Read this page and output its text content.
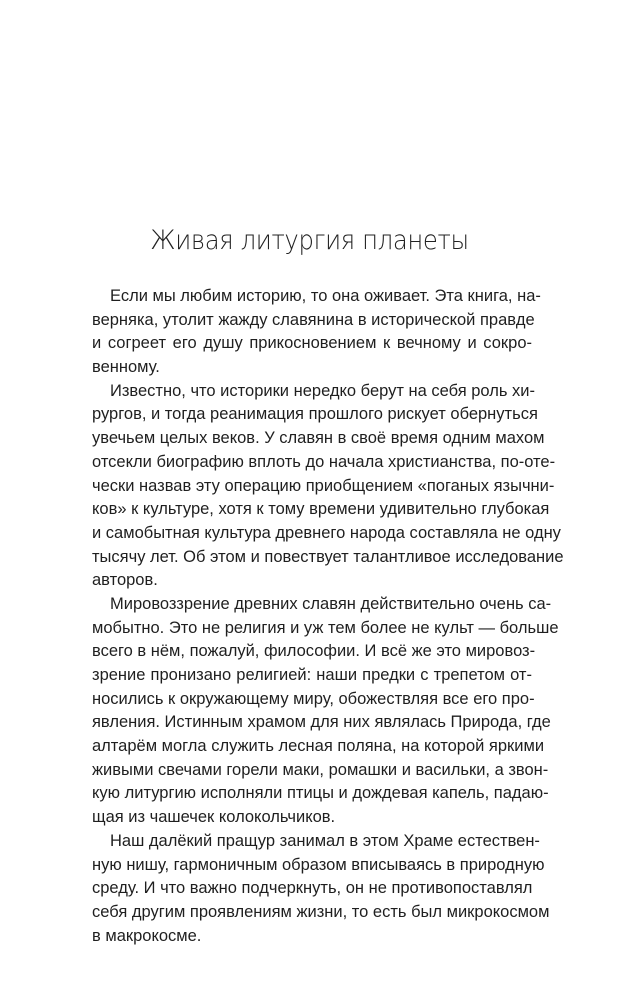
Живая литургия планеты
Если мы любим историю, то она оживает. Эта книга, на-
верняка, утолит жажду славянина в исторической правде
и согреет его душу прикосновением к вечному и сокро-
венному.
Известно, что историки нередко берут на себя роль хи-
рургов, и тогда реанимация прошлого рискует обернуться
увечьем целых веков. У славян в своё время одним махом
отсекли биографию вплоть до начала христианства, по-оте-
чески назвав эту операцию приобщением «поганых язычни-
ков» к культуре, хотя к тому времени удивительно глубокая
и самобытная культура древнего народа составляла не одну
тысячу лет. Об этом и повествует талантливое исследование
авторов.
Мировоззрение древних славян действительно очень са-
мобытно. Это не религия и уж тем более не культ — больше
всего в нём, пожалуй, философии. И всё же это мировоз-
зрение пронизано религией: наши предки с трепетом от-
носились к окружающему миру, обожествляя все его про-
явления. Истинным храмом для них являлась Природа, где
алтарём могла служить лесная поляна, на которой яркими
живыми свечами горели маки, ромашки и васильки, а звон-
кую литургию исполняли птицы и дождевая капель, падаю-
щая из чашечек колокольчиков.
Наш далёкий пращур занимал в этом Храме естествен-
ную нишу, гармоничным образом вписываясь в природную
среду. И что важно подчеркнуть, он не противопоставлял
себя другим проявлениям жизни, то есть был микрокосмом
в макрокосме.
